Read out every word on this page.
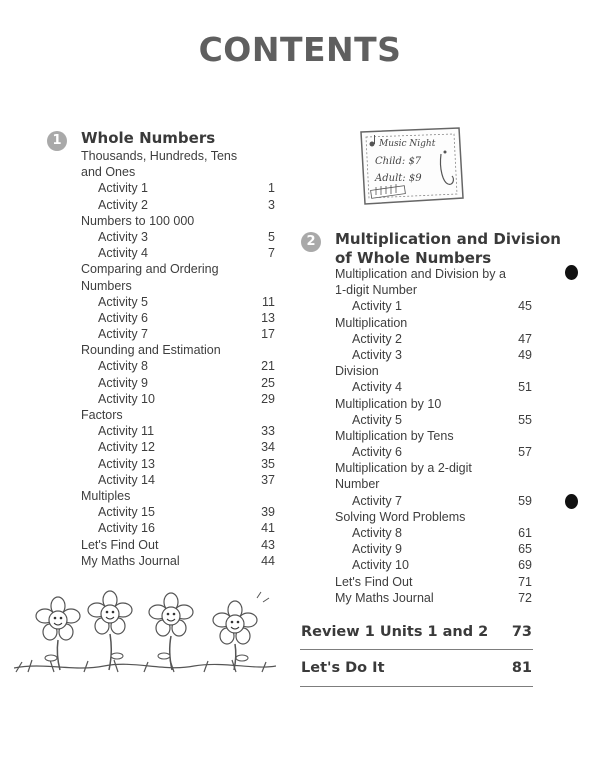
CONTENTS
1	Whole Numbers
Thousands, Hundreds, Tens
and Ones
Activity 1	1
Activity 2	3
Numbers to 100 000
Activity 3	5
Activity 4	7
Comparing and Ordering
Numbers
Activity 5	11
Activity 6	13
Activity 7	17
Rounding and Estimation
Activity 8	21
Activity 9	25
Activity 10	29
Factors
Activity 11	33
Activity 12	34
Activity 13	35
Activity 14	37
Multiples
Activity 15	39
Activity 16	41
Let's Find Out	43
My Maths Journal	44
Music Night
Child: $7
Adult: $9
2	Multiplication and Division
of Whole Numbers
Multiplication and Division by a
1-digit Number
Activity 1	45
Multiplication
Activity 2	47
Activity 3	49
Division
Activity 4	51
Multiplication by 10
Activity 5	55
Multiplication by Tens
Activity 6	57
Multiplication by a 2-digit
Number
Activity 7	59
Solving Word Problems
Activity 8	61
Activity 9	65
Activity 10	69
Let's Find Out	71
My Maths Journal	72
Review 1 Units 1 and 2 73
Let's Do It	81
